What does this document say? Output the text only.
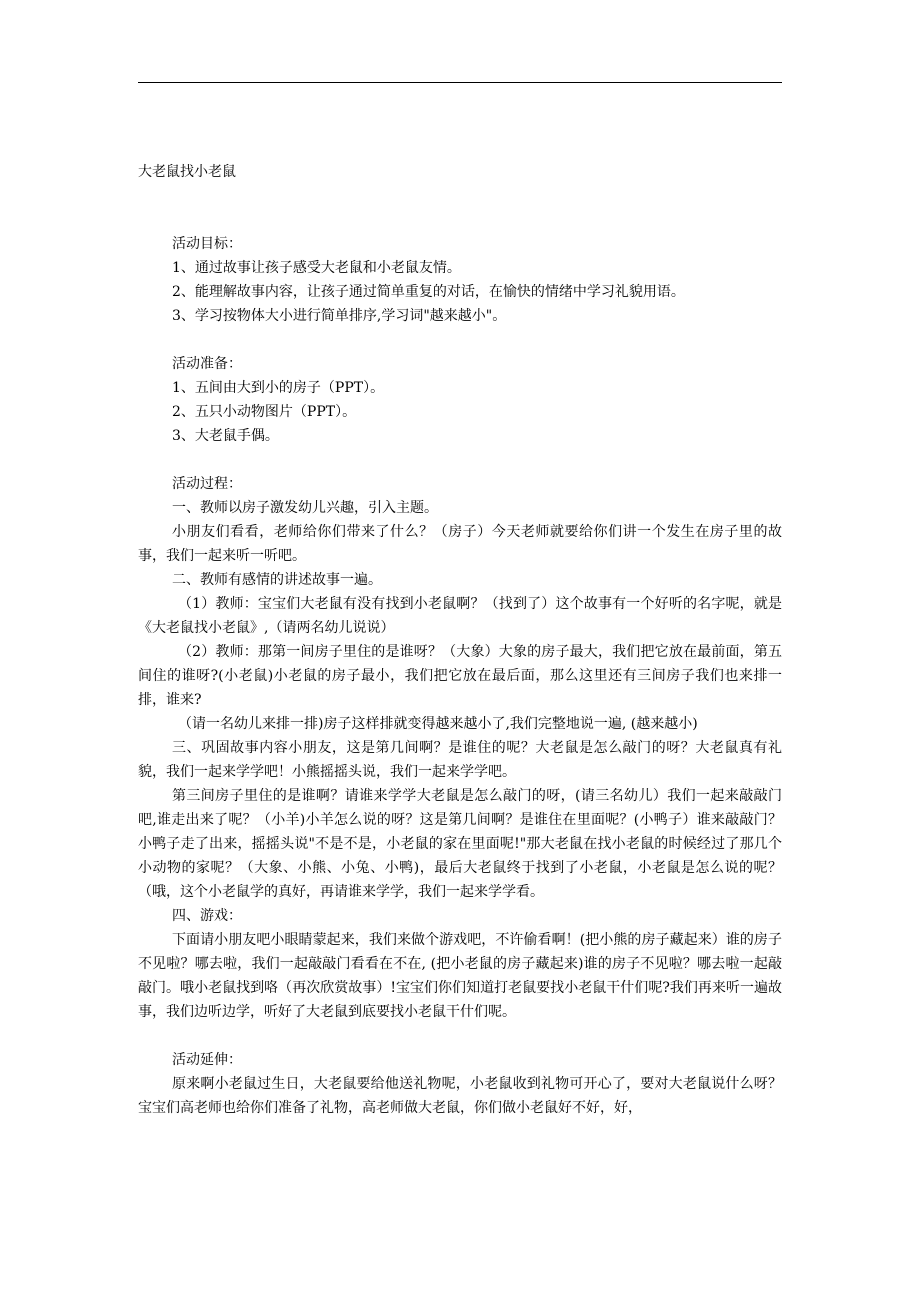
大老鼠找小老鼠

活动目标：

1、通过故事让孩子感受大老鼠和小老鼠友情。

2、能理解故事内容，让孩子通过简单重复的对话，在愉快的情绪中学习礼貌用语。

3、学习按物体大小进行简单排序,学习词"越来越小"。

活动准备：

1、五间由大到小的房子（PPT）。

2、五只小动物图片（PPT）。

3、大老鼠手偶。

活动过程：

一、教师以房子激发幼儿兴趣，引入主题。

小朋友们看看，老师给你们带来了什么？（房子）今天老师就要给你们讲一个发生在房子里的故事，我们一起来听一听吧。

二、教师有感情的讲述故事一遍。

（1）教师：宝宝们大老鼠有没有找到小老鼠啊？（找到了）这个故事有一个好听的名字呢，就是《大老鼠找小老鼠》,（请两名幼儿说说）

（2）教师：那第一间房子里住的是谁呀？（大象）大象的房子最大，我们把它放在最前面，第五间住的谁呀?(小老鼠)小老鼠的房子最小，我们把它放在最后面，那么这里还有三间房子我们也来排一排，谁来?

（请一名幼儿来排一排)房子这样排就变得越来越小了,我们完整地说一遍, (越来越小)

三、巩固故事内容小朋友，这是第几间啊？是谁住的呢？大老鼠是怎么敲门的呀？大老鼠真有礼貌，我们一起来学学吧！小熊摇摇头说，我们一起来学学吧。

第三间房子里住的是谁啊？请谁来学学大老鼠是怎么敲门的呀，(请三名幼儿）我们一起来敲敲门吧,谁走出来了呢？（小羊)小羊怎么说的呀？这是第几间啊？是谁住在里面呢？(小鸭子）谁来敲敲门？小鸭子走了出来，摇摇头说"不是不是，小老鼠的家在里面呢!"那大老鼠在找小老鼠的时候经过了那几个小动物的家呢？（大象、小熊、小兔、小鸭)，最后大老鼠终于找到了小老鼠，小老鼠是怎么说的呢？（哦，这个小老鼠学的真好，再请谁来学学，我们一起来学学看。

四、游戏：

下面请小朋友吧小眼睛蒙起来，我们来做个游戏吧，不许偷看啊！(把小熊的房子藏起来）谁的房子不见啦？哪去啦，我们一起敲敲门看看在不在, (把小老鼠的房子藏起来)谁的房子不见啦？哪去啦一起敲敲门。哦小老鼠找到咯（再次欣赏故事）!宝宝们你们知道打老鼠要找小老鼠干什们呢?我们再来听一遍故事，我们边听边学，听好了大老鼠到底要找小老鼠干什们呢。

活动延伸：

原来啊小老鼠过生日，大老鼠要给他送礼物呢，小老鼠收到礼物可开心了，要对大老鼠说什么呀？宝宝们高老师也给你们准备了礼物，高老师做大老鼠，你们做小老鼠好不好，好，
